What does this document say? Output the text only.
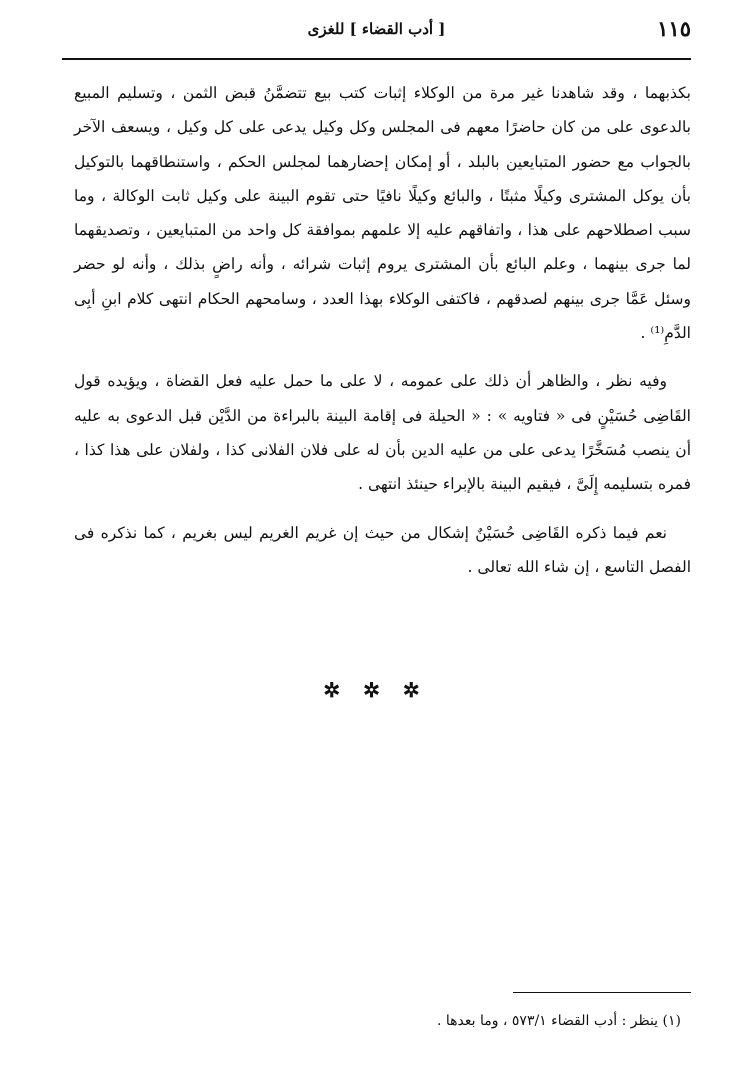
١١٥
[ أدب القضاء ] للغزى

بكذبهما ، وقد شاهدنا غير مرة من الوكلاء إثبات كتب بيع تتضمَّنُ قبض الثمن ، وتسليم المبيع بالدعوى على من كان حاضرًا معهم فى المجلس وكل وكيل يدعى على كل وكيل ، ويسعف الآخر بالجواب مع حضور المتبايعين بالبلد ، أو إمكان إحضارهما لمجلس الحكم ، واستنطاقهما بالتوكيل بأن يوكل المشترى وكيلًا مثبتًا ، والبائع وكيلًا نافيًا حتى تقوم البينة على وكيل ثابت الوكالة ، وما سبب اصطلاحهم على هذا ، واتفاقهم عليه إلا علمهم بموافقة كل واحد من المتبايعين ، وتصديقهما لما جرى بينهما ، وعلم البائع بأن المشترى يروم إثبات شرائه ، وأنه راضٍ بذلك ، وأنه لو حضر وسئل عَمَّا جرى بينهم لصدقهم ، فاكتفى الوكلاء بهذا العدد ، وسامحهم الحكام انتهى كلام ابنِ أبِى الدَّمِ⁽¹⁾ .

وفيه نظر ، والظاهر أن ذلك على عمومه ، لا على ما حمل عليه فعل القضاة ، ويؤيده قول القَاضِى حُسَيْنٍ فى « فتاويه » : « الحيلة فى إقامة البينة بالبراءة من الدَّيْن قبل الدعوى به عليه أن ينصب مُسَخَّرًا يدعى على من عليه الدين بأن له على فلان الفلانى كذا ، ولفلان على هذا كذا ، فمره بتسليمه إِلَىَّ ، فيقيم البينة بالإبراء حينئذ انتهى .

نعم فيما ذكره القَاضِى حُسَيْنٌ إشكال من حيث إن غريم الغريم ليس بغريم ، كما نذكره فى الفصل التاسع ، إن شاء الله تعالى .

✲ ✲ ✲
(١) ينظر : أدب القضاء ٥٧٣/١ ، وما بعدها .
